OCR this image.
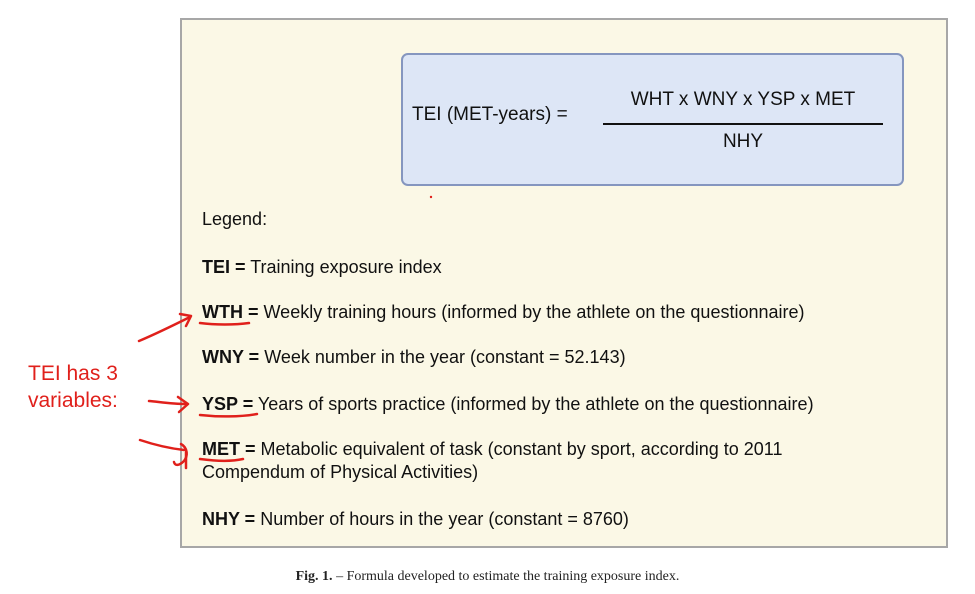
TEI (MET-years) =
WHT x WNY x YSP x MET
NHY
Legend:
TEI = Training exposure index
WTH = Weekly training hours (informed by the athlete on the questionnaire)
WNY = Week number in the year (constant = 52.143)
YSP = Years of sports practice (informed by the athlete on the questionnaire)
MET = Metabolic equivalent of task (constant by sport, according to 2011
Compendum of Physical Activities)
NHY = Number of hours in the year (constant = 8760)
Fig. 1. – Formula developed to estimate the training exposure index.
TEI has 3 variables:
